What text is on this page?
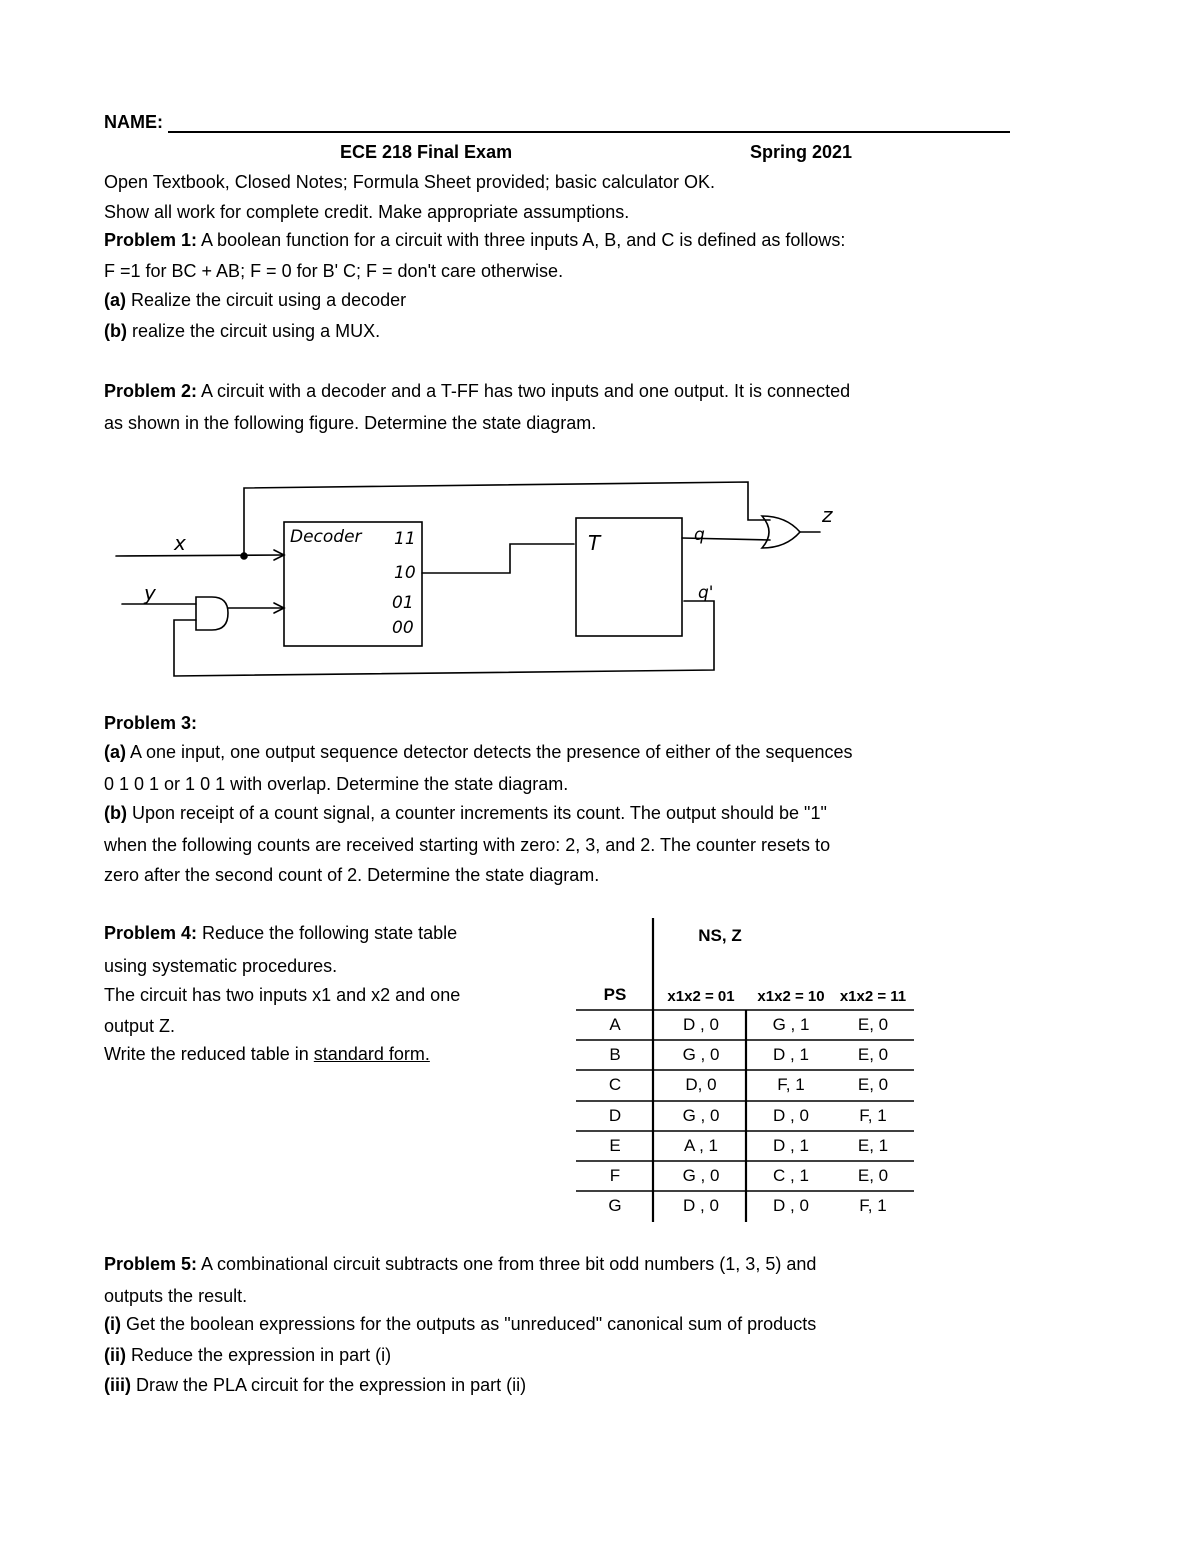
NAME:
ECE 218 Final Exam	Spring 2021
Open Textbook, Closed Notes; Formula Sheet provided; basic calculator OK.
Show all work for complete credit. Make appropriate assumptions.
Problem 1: A boolean function for a circuit with three inputs A, B, and C is defined as follows:
F =1 for BC + AB; F = 0 for B' C; F = don't care otherwise.
(a) Realize the circuit using a decoder
(b) realize the circuit using a MUX.
Problem 2: A circuit with a decoder and a T-FF has two inputs and one output. It is connected
as shown in the following figure. Determine the state diagram.
Decoder 11
10
01
00
T	q
q'
x
y
z
Problem 3:
(a) A one input, one output sequence detector detects the presence of either of the sequences
0 1 0 1 or 1 0 1 with overlap. Determine the state diagram.
(b) Upon receipt of a count signal, a counter increments its count. The output should be "1"
when the following counts are received starting with zero: 2, 3, and 2. The counter resets to
zero after the second count of 2. Determine the state diagram.
Problem 4: Reduce the following state table
using systematic procedures.
The circuit has two inputs x1 and x2 and one
output Z.
Write the reduced table in standard form.
NS, Z
PS	x1x2 = 01	x1x2 = 10	x1x2 = 11
A	D , 0	G , 1	E, 0
B	G , 0	D , 1	E, 0
C	D, 0	F, 1	E, 0
D	G , 0	D , 0	F, 1
E	A , 1	D , 1	E, 1
F	G , 0	C , 1	E, 0
G	D , 0	D , 0	F, 1
Problem 5: A combinational circuit subtracts one from three bit odd numbers (1, 3, 5) and
outputs the result.
(i) Get the boolean expressions for the outputs as "unreduced" canonical sum of products
(ii) Reduce the expression in part (i)
(iii) Draw the PLA circuit for the expression in part (ii)
